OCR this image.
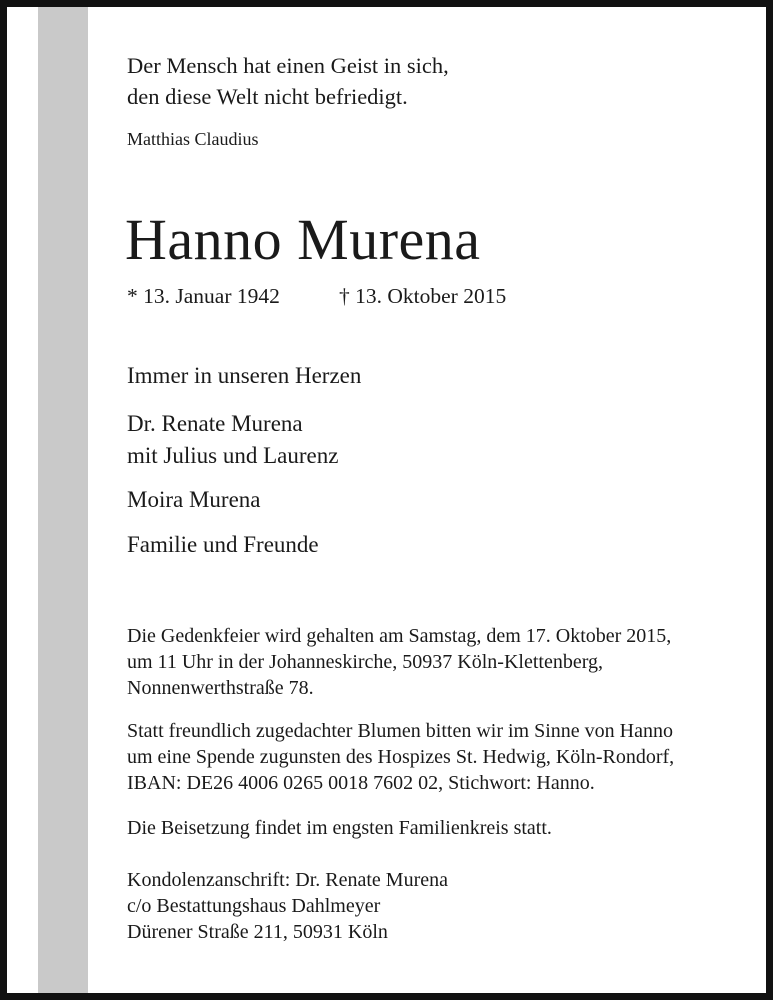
Der Mensch hat einen Geist in sich,
den diese Welt nicht befriedigt.
Matthias Claudius
Hanno Murena
* 13. Januar 1942	† 13. Oktober 2015
Immer in unseren Herzen
Dr. Renate Murena
mit Julius und Laurenz
Moira Murena
Familie und Freunde
Die Gedenkfeier wird gehalten am Samstag, dem 17. Oktober 2015,
um 11 Uhr in der Johanneskirche, 50937 Köln-Klettenberg,
Nonnenwerthstraße 78.
Statt freundlich zugedachter Blumen bitten wir im Sinne von Hanno
um eine Spende zugunsten des Hospizes St. Hedwig, Köln-Rondorf,
IBAN: DE26 4006 0265 0018 7602 02, Stichwort: Hanno.
Die Beisetzung findet im engsten Familienkreis statt.
Kondolenzanschrift: Dr. Renate Murena
c/o Bestattungshaus Dahlmeyer
Dürener Straße 211, 50931 Köln
